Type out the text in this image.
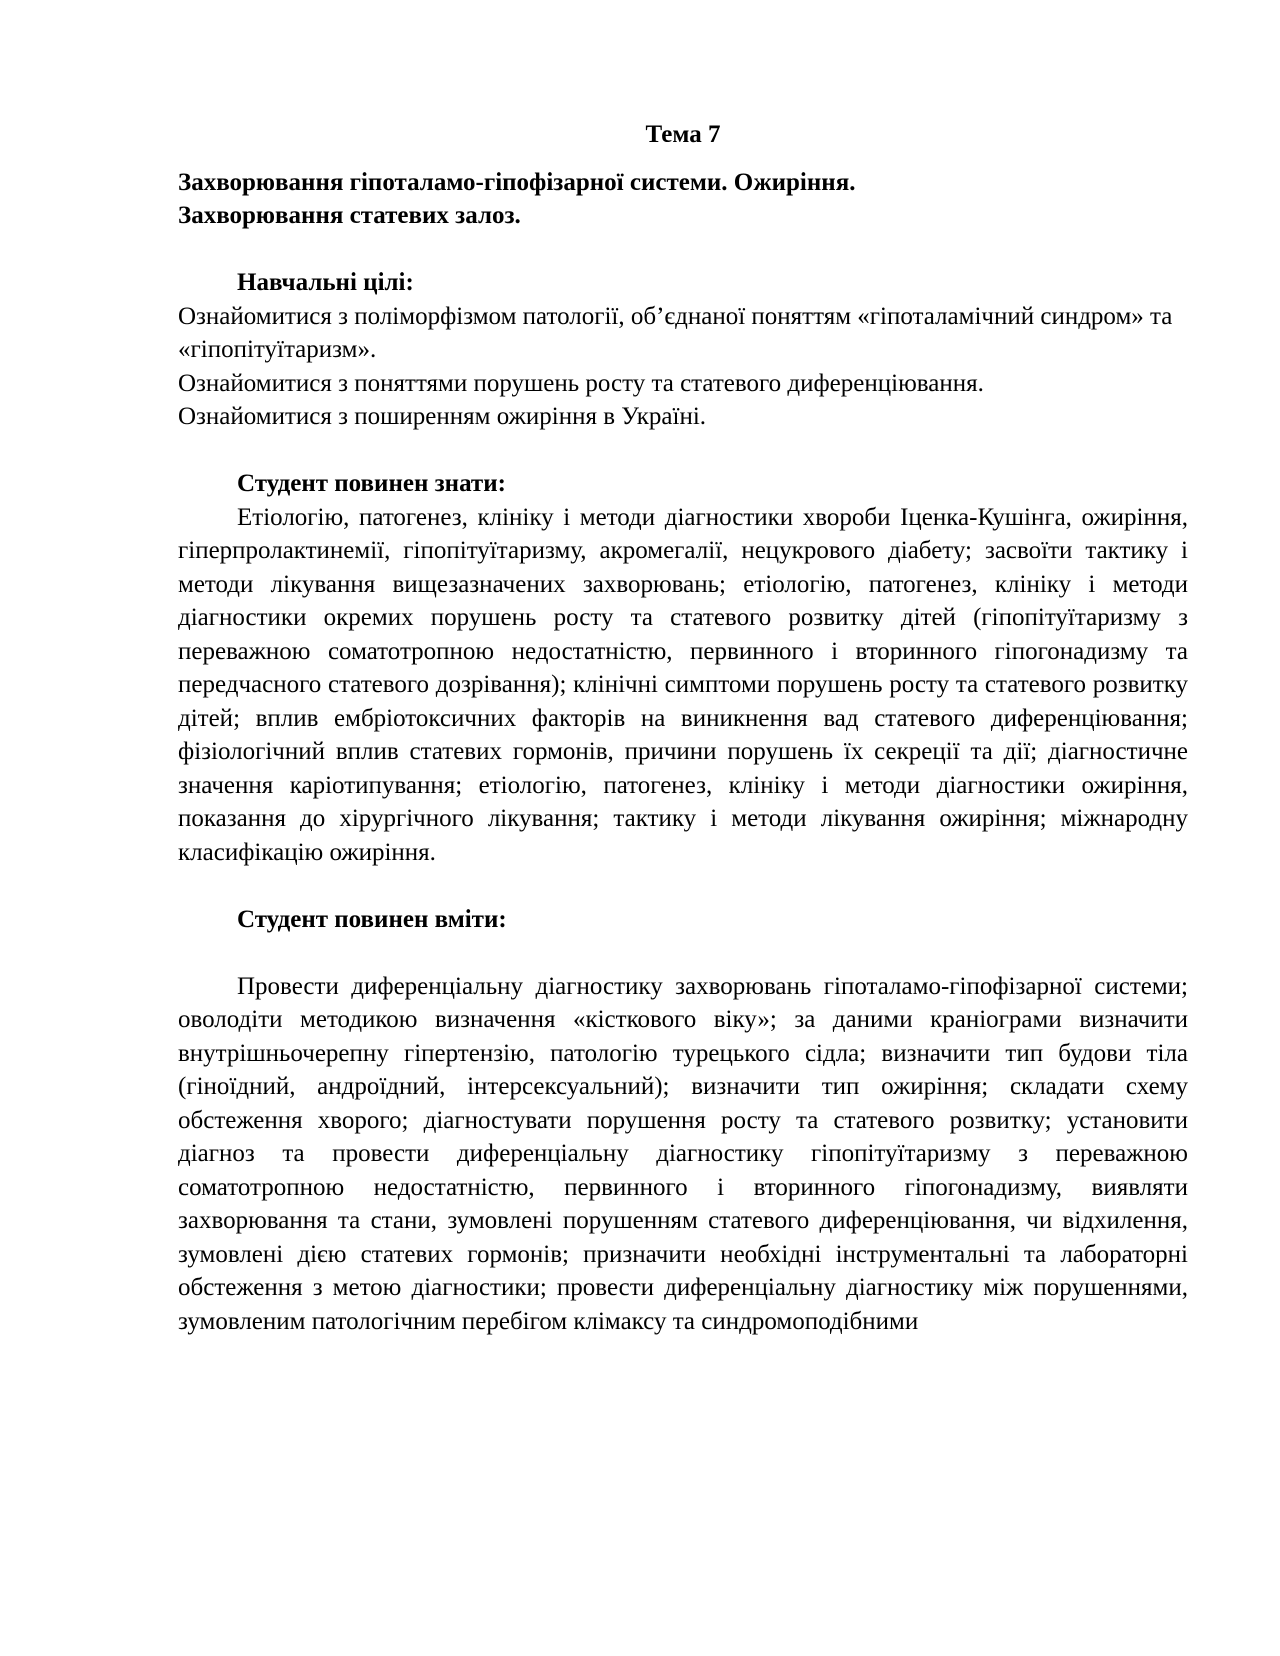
Тема 7

Захворювання гіпоталамо-гіпофізарної системи. Ожиріння.

Захворювання статевих залоз.

Навчальні цілі:

Ознайомитися з поліморфізмом патології, об’єднаної поняттям «гіпоталамічний синдром» та «гіпопітуїтаризм».

Ознайомитися з поняттями порушень росту та статевого диференціювання.

Ознайомитися з поширенням ожиріння в Україні.

Студент повинен знати:

Етіологію, патогенез, клініку і методи діагностики хвороби Іценка-Кушінга, ожиріння, гіперпролактинемії, гіпопітуїтаризму, акромегалії, нецукрового діабету; засвоїти тактику і методи лікування вищезазначених захворювань; етіологію, патогенез, клініку і методи діагностики окремих порушень росту та статевого розвитку дітей (гіпопітуїтаризму з переважною соматотропною недостатністю, первинного і вторинного гіпогонадизму та передчасного статевого дозрівання); клінічні симптоми порушень росту та статевого розвитку дітей; вплив ембріотоксичних факторів на виникнення вад статевого диференціювання; фізіологічний вплив статевих гормонів, причини порушень їх секреції та дії; діагностичне значення каріотипування; етіологію, патогенез, клініку і методи діагностики ожиріння, показання до хірургічного лікування; тактику і методи лікування ожиріння; міжнародну класифікацію ожиріння.

Студент повинен вміти:

Провести диференціальну діагностику захворювань гіпоталамо-гіпофізарної системи; оволодіти методикою визначення «кісткового віку»; за даними краніограми визначити внутрішньочерепну гіпертензію, патологію турецького сідла; визначити тип будови тіла (гіноїдний, андроїдний, інтерсексуальний); визначити тип ожиріння; складати схему обстеження хворого; діагностувати порушення росту та статевого розвитку; установити діагноз та провести диференціальну діагностику гіпопітуїтаризму з переважною соматотропною недостатністю, первинного і вторинного гіпогонадизму, виявляти захворювання та стани, зумовлені порушенням статевого диференціювання, чи відхилення, зумовлені дією статевих гормонів; призначити необхідні інструментальні та лабораторні обстеження з метою діагностики; провести диференціальну діагностику між порушеннями, зумовленим патологічним перебігом клімаксу та синдромоподібними
